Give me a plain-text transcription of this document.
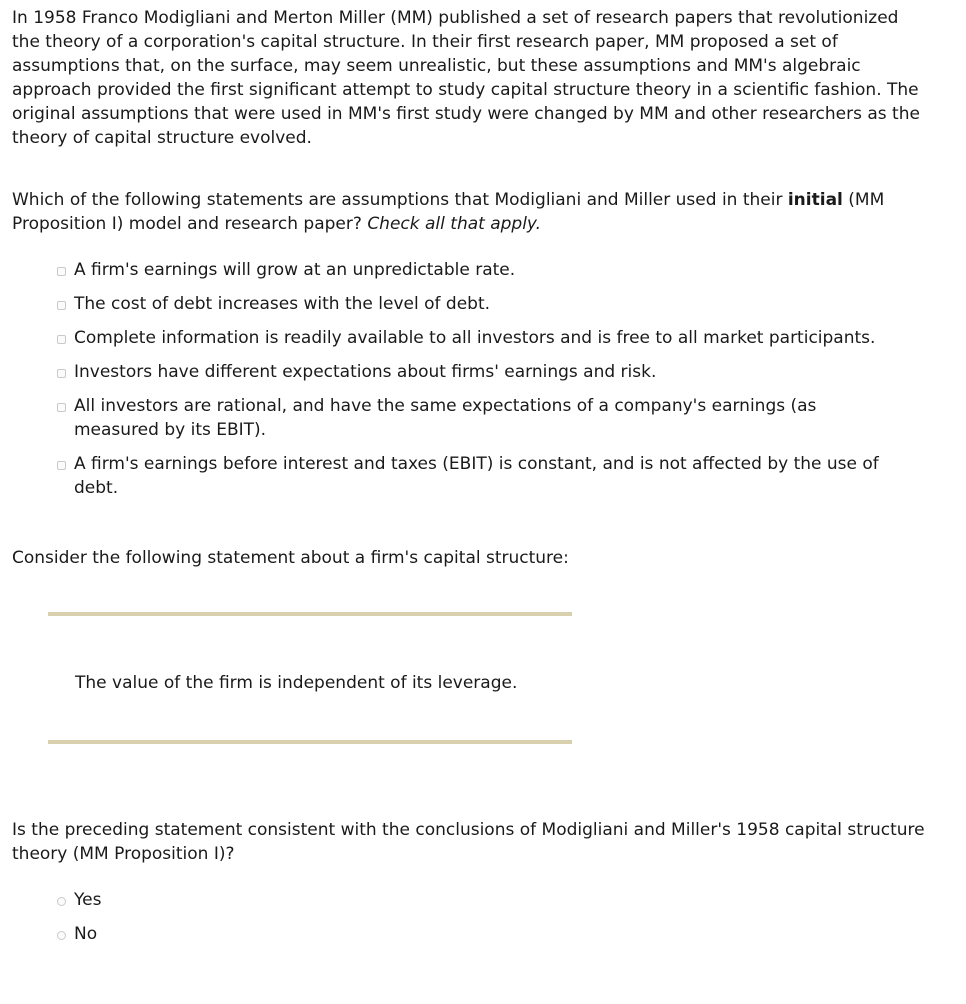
In 1958 Franco Modigliani and Merton Miller (MM) published a set of research papers that revolutionized the theory of a corporation's capital structure. In their first research paper, MM proposed a set of assumptions that, on the surface, may seem unrealistic, but these assumptions and MM's algebraic approach provided the first significant attempt to study capital structure theory in a scientific fashion. The original assumptions that were used in MM's first study were changed by MM and other researchers as the theory of capital structure evolved.

Which of the following statements are assumptions that Modigliani and Miller used in their initial (MM Proposition I) model and research paper? Check all that apply.

A firm's earnings will grow at an unpredictable rate.
The cost of debt increases with the level of debt.
Complete information is readily available to all investors and is free to all market participants.
Investors have different expectations about firms' earnings and risk.
All investors are rational, and have the same expectations of a company's earnings (as measured by its EBIT).
A firm's earnings before interest and taxes (EBIT) is constant, and is not affected by the use of debt.

Consider the following statement about a firm's capital structure:

The value of the firm is independent of its leverage.

Is the preceding statement consistent with the conclusions of Modigliani and Miller's 1958 capital structure theory (MM Proposition I)?

Yes
No
